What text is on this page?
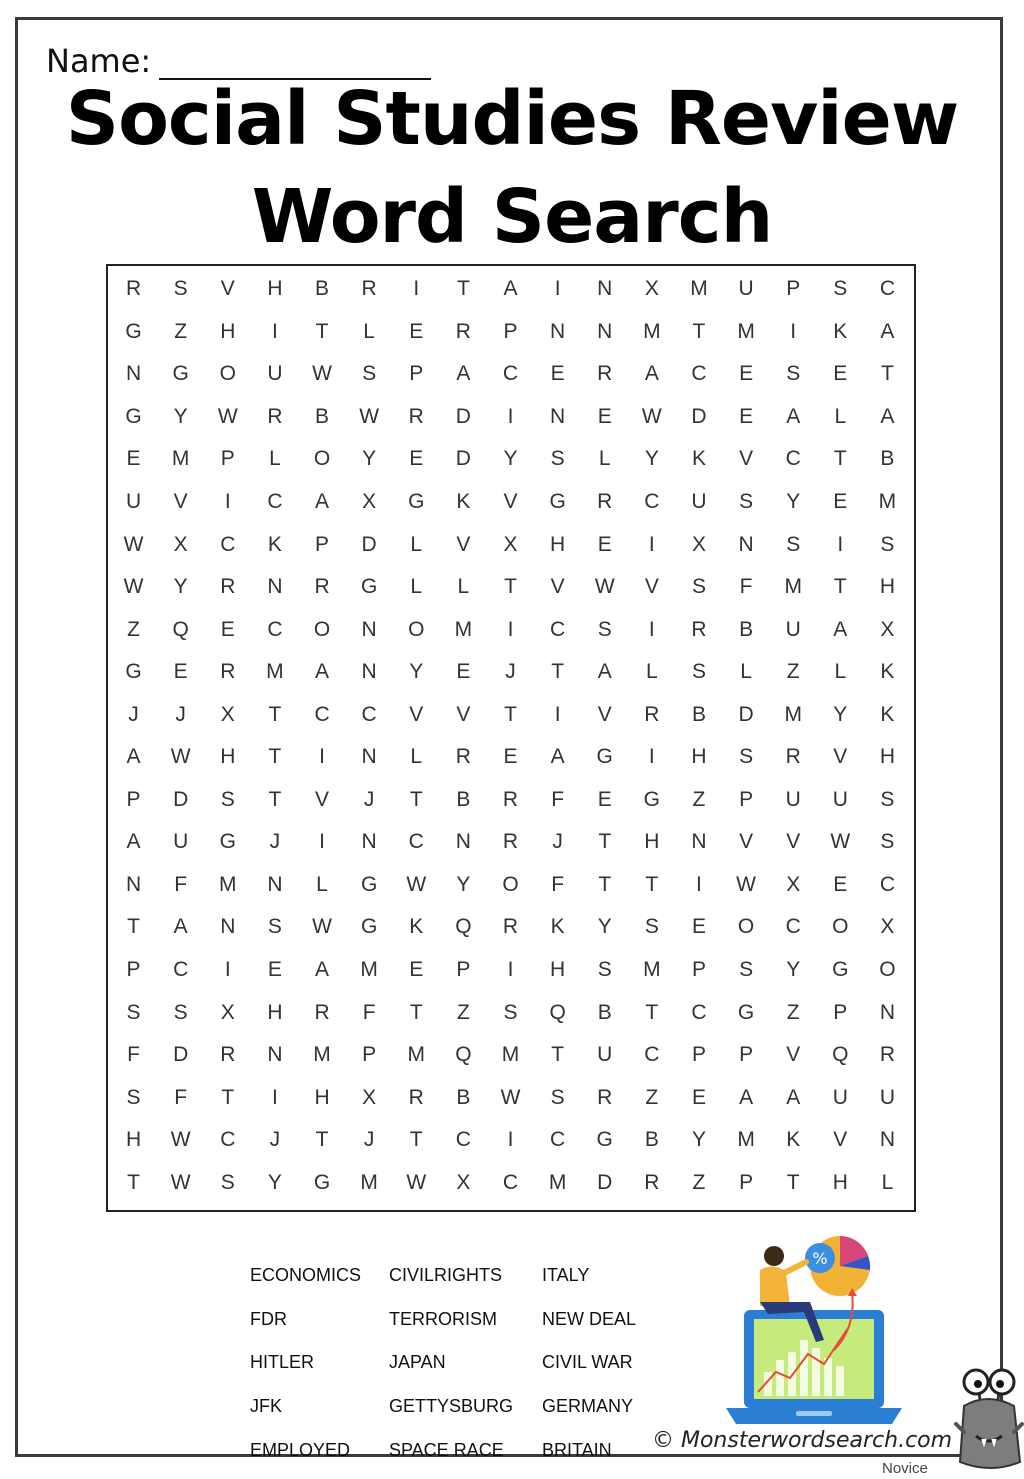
Name:
Social Studies Review
Word Search
R	S	V	H	B	R	I	T	A	I	N	X	M	U	P	S	C
G	Z	H	I	T	L	E	R	P	N	N	M	T	M	I	K	A
N	G	O	U	W	S	P	A	C	E	R	A	C	E	S	E	T
G	Y	W	R	B	W	R	D	I	N	E	W	D	E	A	L	A
E	M	P	L	O	Y	E	D	Y	S	L	Y	K	V	C	T	B
U	V	I	C	A	X	G	K	V	G	R	C	U	S	Y	E	M
W	X	C	K	P	D	L	V	X	H	E	I	X	N	S	I	S
W	Y	R	N	R	G	L	L	T	V	W	V	S	F	M	T	H
Z	Q	E	C	O	N	O	M	I	C	S	I	R	B	U	A	X
G	E	R	M	A	N	Y	E	J	T	A	L	S	L	Z	L	K
J	J	X	T	C	C	V	V	T	I	V	R	B	D	M	Y	K
A	W	H	T	I	N	L	R	E	A	G	I	H	S	R	V	H
P	D	S	T	V	J	T	B	R	F	E	G	Z	P	U	U	S
A	U	G	J	I	N	C	N	R	J	T	H	N	V	V	W	S
N	F	M	N	L	G	W	Y	O	F	T	T	I	W	X	E	C
T	A	N	S	W	G	K	Q	R	K	Y	S	E	O	C	O	X
P	C	I	E	A	M	E	P	I	H	S	M	P	S	Y	G	O
S	S	X	H	R	F	T	Z	S	Q	B	T	C	G	Z	P	N
F	D	R	N	M	P	M	Q	M	T	U	C	P	P	V	Q	R
S	F	T	I	H	X	R	B	W	S	R	Z	E	A	A	U	U
H	W	C	J	T	J	T	C	I	C	G	B	Y	M	K	V	N
T	W	S	Y	G	M	W	X	C	M	D	R	Z	P	T	H	L
ECONOMICS	CIVILRIGHTS	ITALY
FDR	TERRORISM	NEW DEAL
HITLER	JAPAN	CIVIL WAR
JFK	GETTYSBURG	GERMANY
EMPLOYED	SPACE RACE	BRITAIN
%
© Monsterwordsearch.com
Novice
